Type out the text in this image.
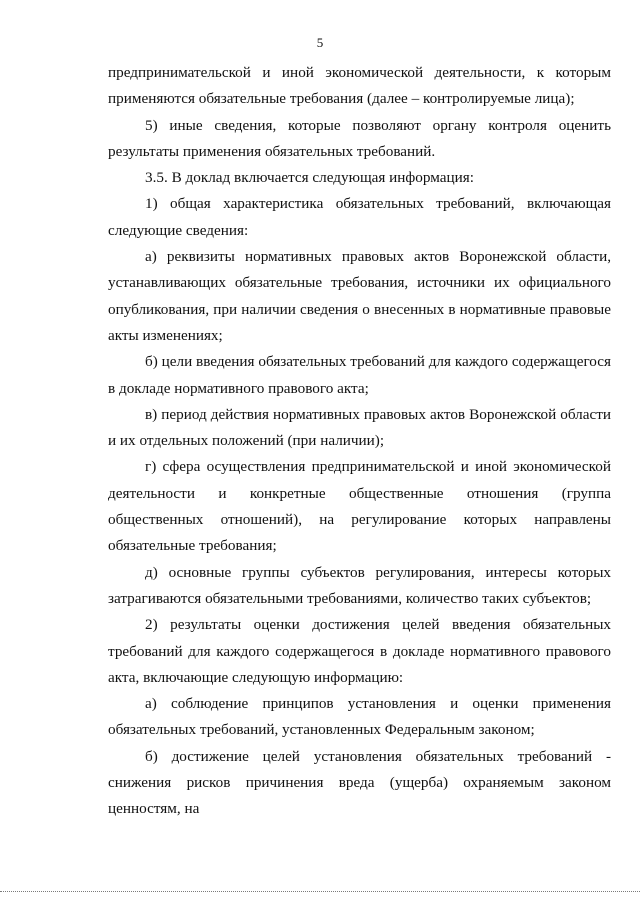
5

предпринимательской и иной экономической деятельности, к которым применяются обязательные требования (далее – контролируемые лица);

5) иные сведения, которые позволяют органу контроля оценить результаты применения обязательных требований.

3.5. В доклад включается следующая информация:

1) общая характеристика обязательных требований, включающая следующие сведения:

а) реквизиты нормативных правовых актов Воронежской области, устанавливающих обязательные требования, источники их официального опубликования, при наличии сведения о внесенных в нормативные правовые акты изменениях;

б) цели введения обязательных требований для каждого содержащегося в докладе нормативного правового акта;

в) период действия нормативных правовых актов Воронежской области и их отдельных положений (при наличии);

г) сфера осуществления предпринимательской и иной экономической деятельности и конкретные общественные отношения (группа общественных отношений), на регулирование которых направлены обязательные требования;

д) основные группы субъектов регулирования, интересы которых затрагиваются обязательными требованиями, количество таких субъектов;

2) результаты оценки достижения целей введения обязательных требований для каждого содержащегося в докладе нормативного правового акта, включающие следующую информацию:

а) соблюдение принципов установления и оценки применения обязательных требований, установленных Федеральным законом;

б) достижение целей установления обязательных требований - снижения рисков причинения вреда (ущерба) охраняемым законом ценностям, на
